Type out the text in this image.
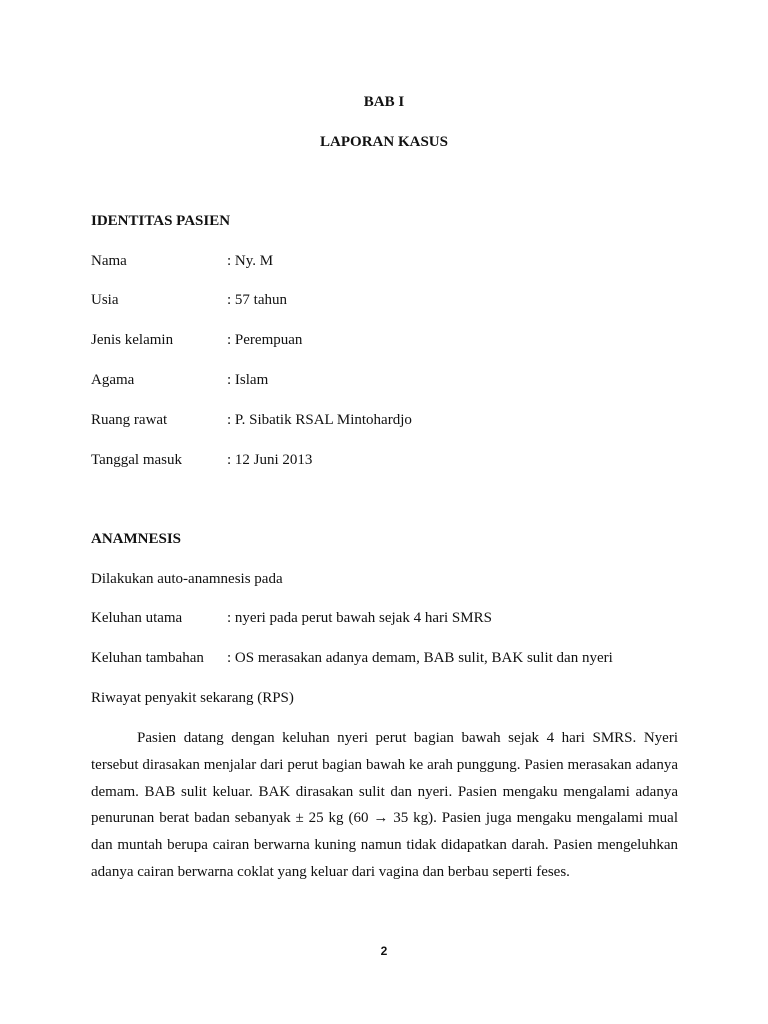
BAB I
LAPORAN KASUS
IDENTITAS PASIEN
Nama	: Ny. M
Usia	: 57 tahun
Jenis kelamin	: Perempuan
Agama	: Islam
Ruang rawat	: P. Sibatik RSAL Mintohardjo
Tanggal masuk	: 12 Juni 2013
ANAMNESIS
Dilakukan auto-anamnesis pada
Keluhan utama	: nyeri pada perut bawah sejak 4 hari SMRS
Keluhan tambahan : OS merasakan adanya demam, BAB sulit, BAK sulit dan nyeri
Riwayat penyakit sekarang (RPS)

Pasien datang dengan keluhan nyeri perut bagian bawah sejak 4 hari SMRS. Nyeri tersebut dirasakan menjalar dari perut bagian bawah ke arah punggung. Pasien merasakan adanya demam. BAB sulit keluar. BAK dirasakan sulit dan nyeri. Pasien mengaku mengalami adanya penurunan berat badan sebanyak ± 25 kg (60 → 35 kg). Pasien juga mengaku mengalami mual dan muntah berupa cairan berwarna kuning namun tidak didapatkan darah. Pasien mengeluhkan adanya cairan berwarna coklat yang keluar dari vagina dan berbau seperti feses.

2
